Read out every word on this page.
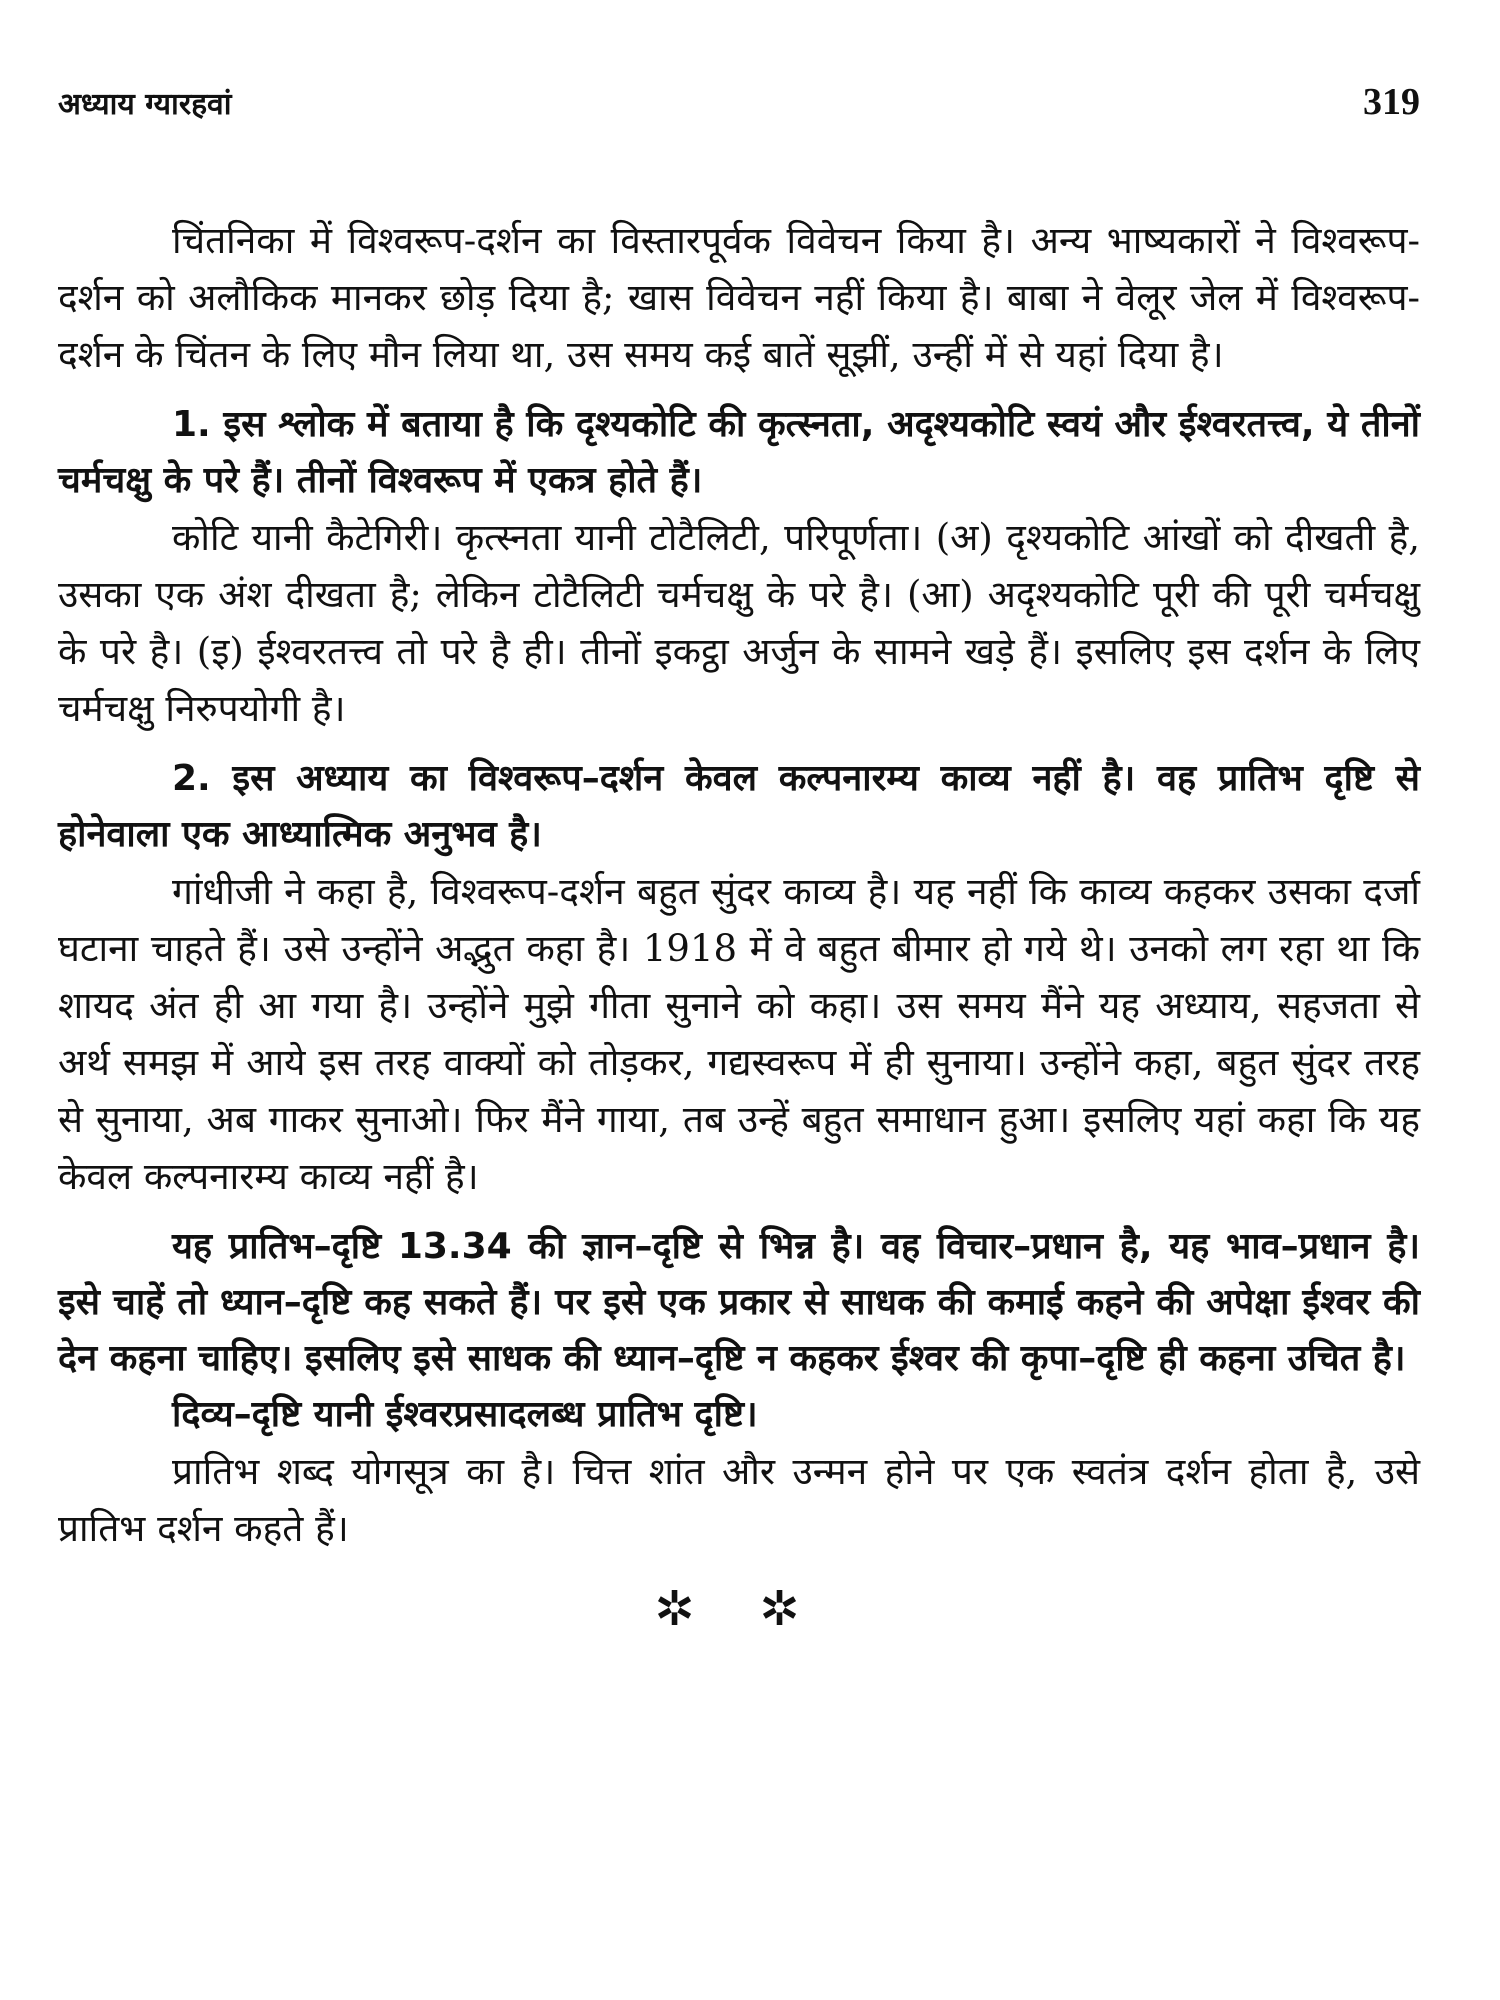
अध्याय ग्यारहवां	319

चिंतनिका में विश्वरूप-दर्शन का विस्तारपूर्वक विवेचन किया है। अन्य भाष्यकारों ने विश्वरूप-दर्शन को अलौकिक मानकर छोड़ दिया है; खास विवेचन नहीं किया है। बाबा ने वेलूर जेल में विश्वरूप-दर्शन के चिंतन के लिए मौन लिया था, उस समय कई बातें सूझीं, उन्हीं में से यहां दिया है।

1. इस श्लोक में बताया है कि दृश्यकोटि की कृत्स्नता, अदृश्यकोटि स्वयं और ईश्वरतत्त्व, ये तीनों चर्मचक्षु के परे हैं। तीनों विश्वरूप में एकत्र होते हैं।

कोटि यानी कैटेगिरी। कृत्स्नता यानी टोटैलिटी, परिपूर्णता। (अ) दृश्यकोटि आंखों को दीखती है, उसका एक अंश दीखता है; लेकिन टोटैलिटी चर्मचक्षु के परे है। (आ) अदृश्यकोटि पूरी की पूरी चर्मचक्षु के परे है। (इ) ईश्वरतत्त्व तो परे है ही। तीनों इकट्ठा अर्जुन के सामने खड़े हैं। इसलिए इस दर्शन के लिए चर्मचक्षु निरुपयोगी है।

2. इस अध्याय का विश्वरूप–दर्शन केवल कल्पनारम्य काव्य नहीं है। वह प्रातिभ दृष्टि से होनेवाला एक आध्यात्मिक अनुभव है।

गांधीजी ने कहा है, विश्वरूप-दर्शन बहुत सुंदर काव्य है। यह नहीं कि काव्य कहकर उसका दर्जा घटाना चाहते हैं। उसे उन्होंने अद्भुत कहा है। 1918 में वे बहुत बीमार हो गये थे। उनको लग रहा था कि शायद अंत ही आ गया है। उन्होंने मुझे गीता सुनाने को कहा। उस समय मैंने यह अध्याय, सहजता से अर्थ समझ में आये इस तरह वाक्यों को तोड़कर, गद्यस्वरूप में ही सुनाया। उन्होंने कहा, बहुत सुंदर तरह से सुनाया, अब गाकर सुनाओ। फिर मैंने गाया, तब उन्हें बहुत समाधान हुआ। इसलिए यहां कहा कि यह केवल कल्पनारम्य काव्य नहीं है।

यह प्रातिभ–दृष्टि 13.34 की ज्ञान–दृष्टि से भिन्न है। वह विचार–प्रधान है, यह भाव–प्रधान है। इसे चाहें तो ध्यान–दृष्टि कह सकते हैं। पर इसे एक प्रकार से साधक की कमाई कहने की अपेक्षा ईश्वर की देन कहना चाहिए। इसलिए इसे साधक की ध्यान–दृष्टि न कहकर ईश्वर की कृपा–दृष्टि ही कहना उचित है।

दिव्य–दृष्टि यानी ईश्वरप्रसादलब्ध प्रातिभ दृष्टि।

प्रातिभ शब्द योगसूत्र का है। चित्त शांत और उन्मन होने पर एक स्वतंत्र दर्शन होता है, उसे प्रातिभ दर्शन कहते हैं।

✲ ✲
